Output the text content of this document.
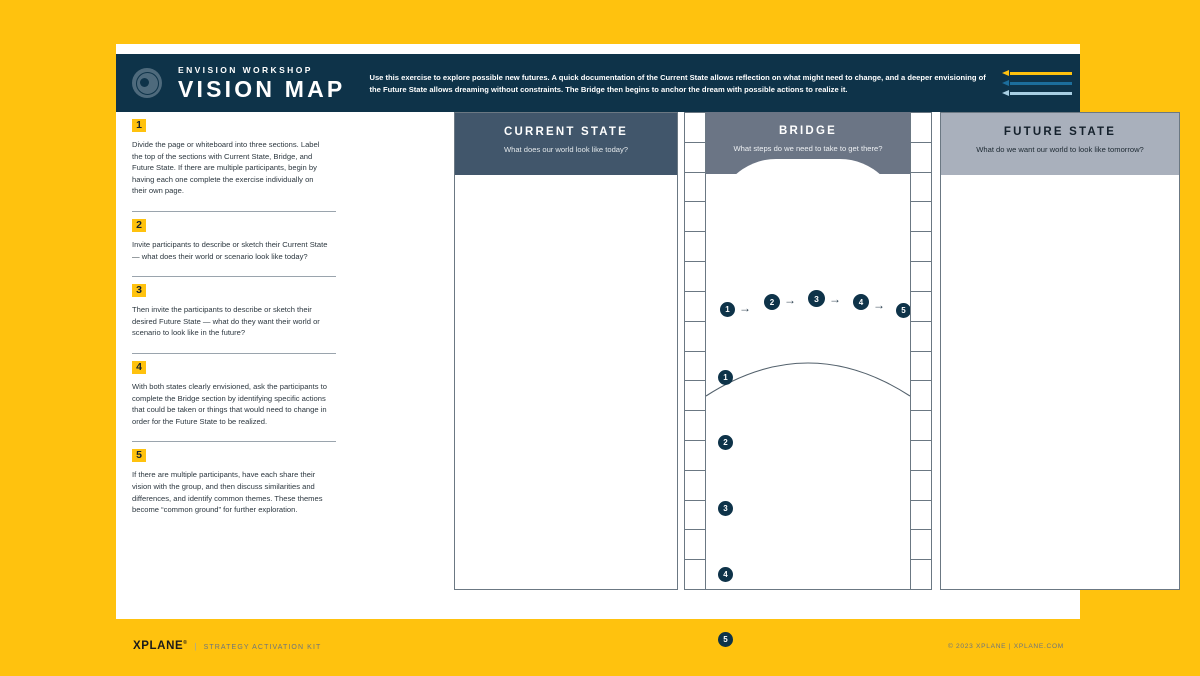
ENVISION WORKSHOP
VISION MAP	Use this exercise to explore possible new futures. A quick documentation of the Current State allows reflection on what might need to change, and a deeper envisioning of the Future State allows dreaming without constraints. The Bridge then begins to anchor the dream with possible actions to realize it.
1
Divide the page or whiteboard into three sections. Label the top of the sections with Current State, Bridge, and Future State. If there are multiple participants, begin by having each one complete the exercise individually on their own page.
2
Invite participants to describe or sketch their Current State — what does their world or scenario look like today?
3
Then invite the participants to describe or sketch their desired Future State — what do they want their world or scenario to look like in the future?
4
With both states clearly envisioned, ask the participants to complete the Bridge section by identifying specific actions that could be taken or things that would need to change in order for the Future State to be realized.
5
If there are multiple participants, have each share their vision with the group, and then discuss similarities and differences, and identify common themes. These themes become “common ground” for further exploration.
CURRENT STATE
What does our world look like today?
BRIDGE
What steps do we need to take to get there?
1 →	2 →	3 →	4 →	5
1
2
3
4
5
FUTURE STATE
What do we want our world to look like tomorrow?
XPLANE® | STRATEGY ACTIVATION KIT	© 2023 XPLANE | XPLANE.COM
